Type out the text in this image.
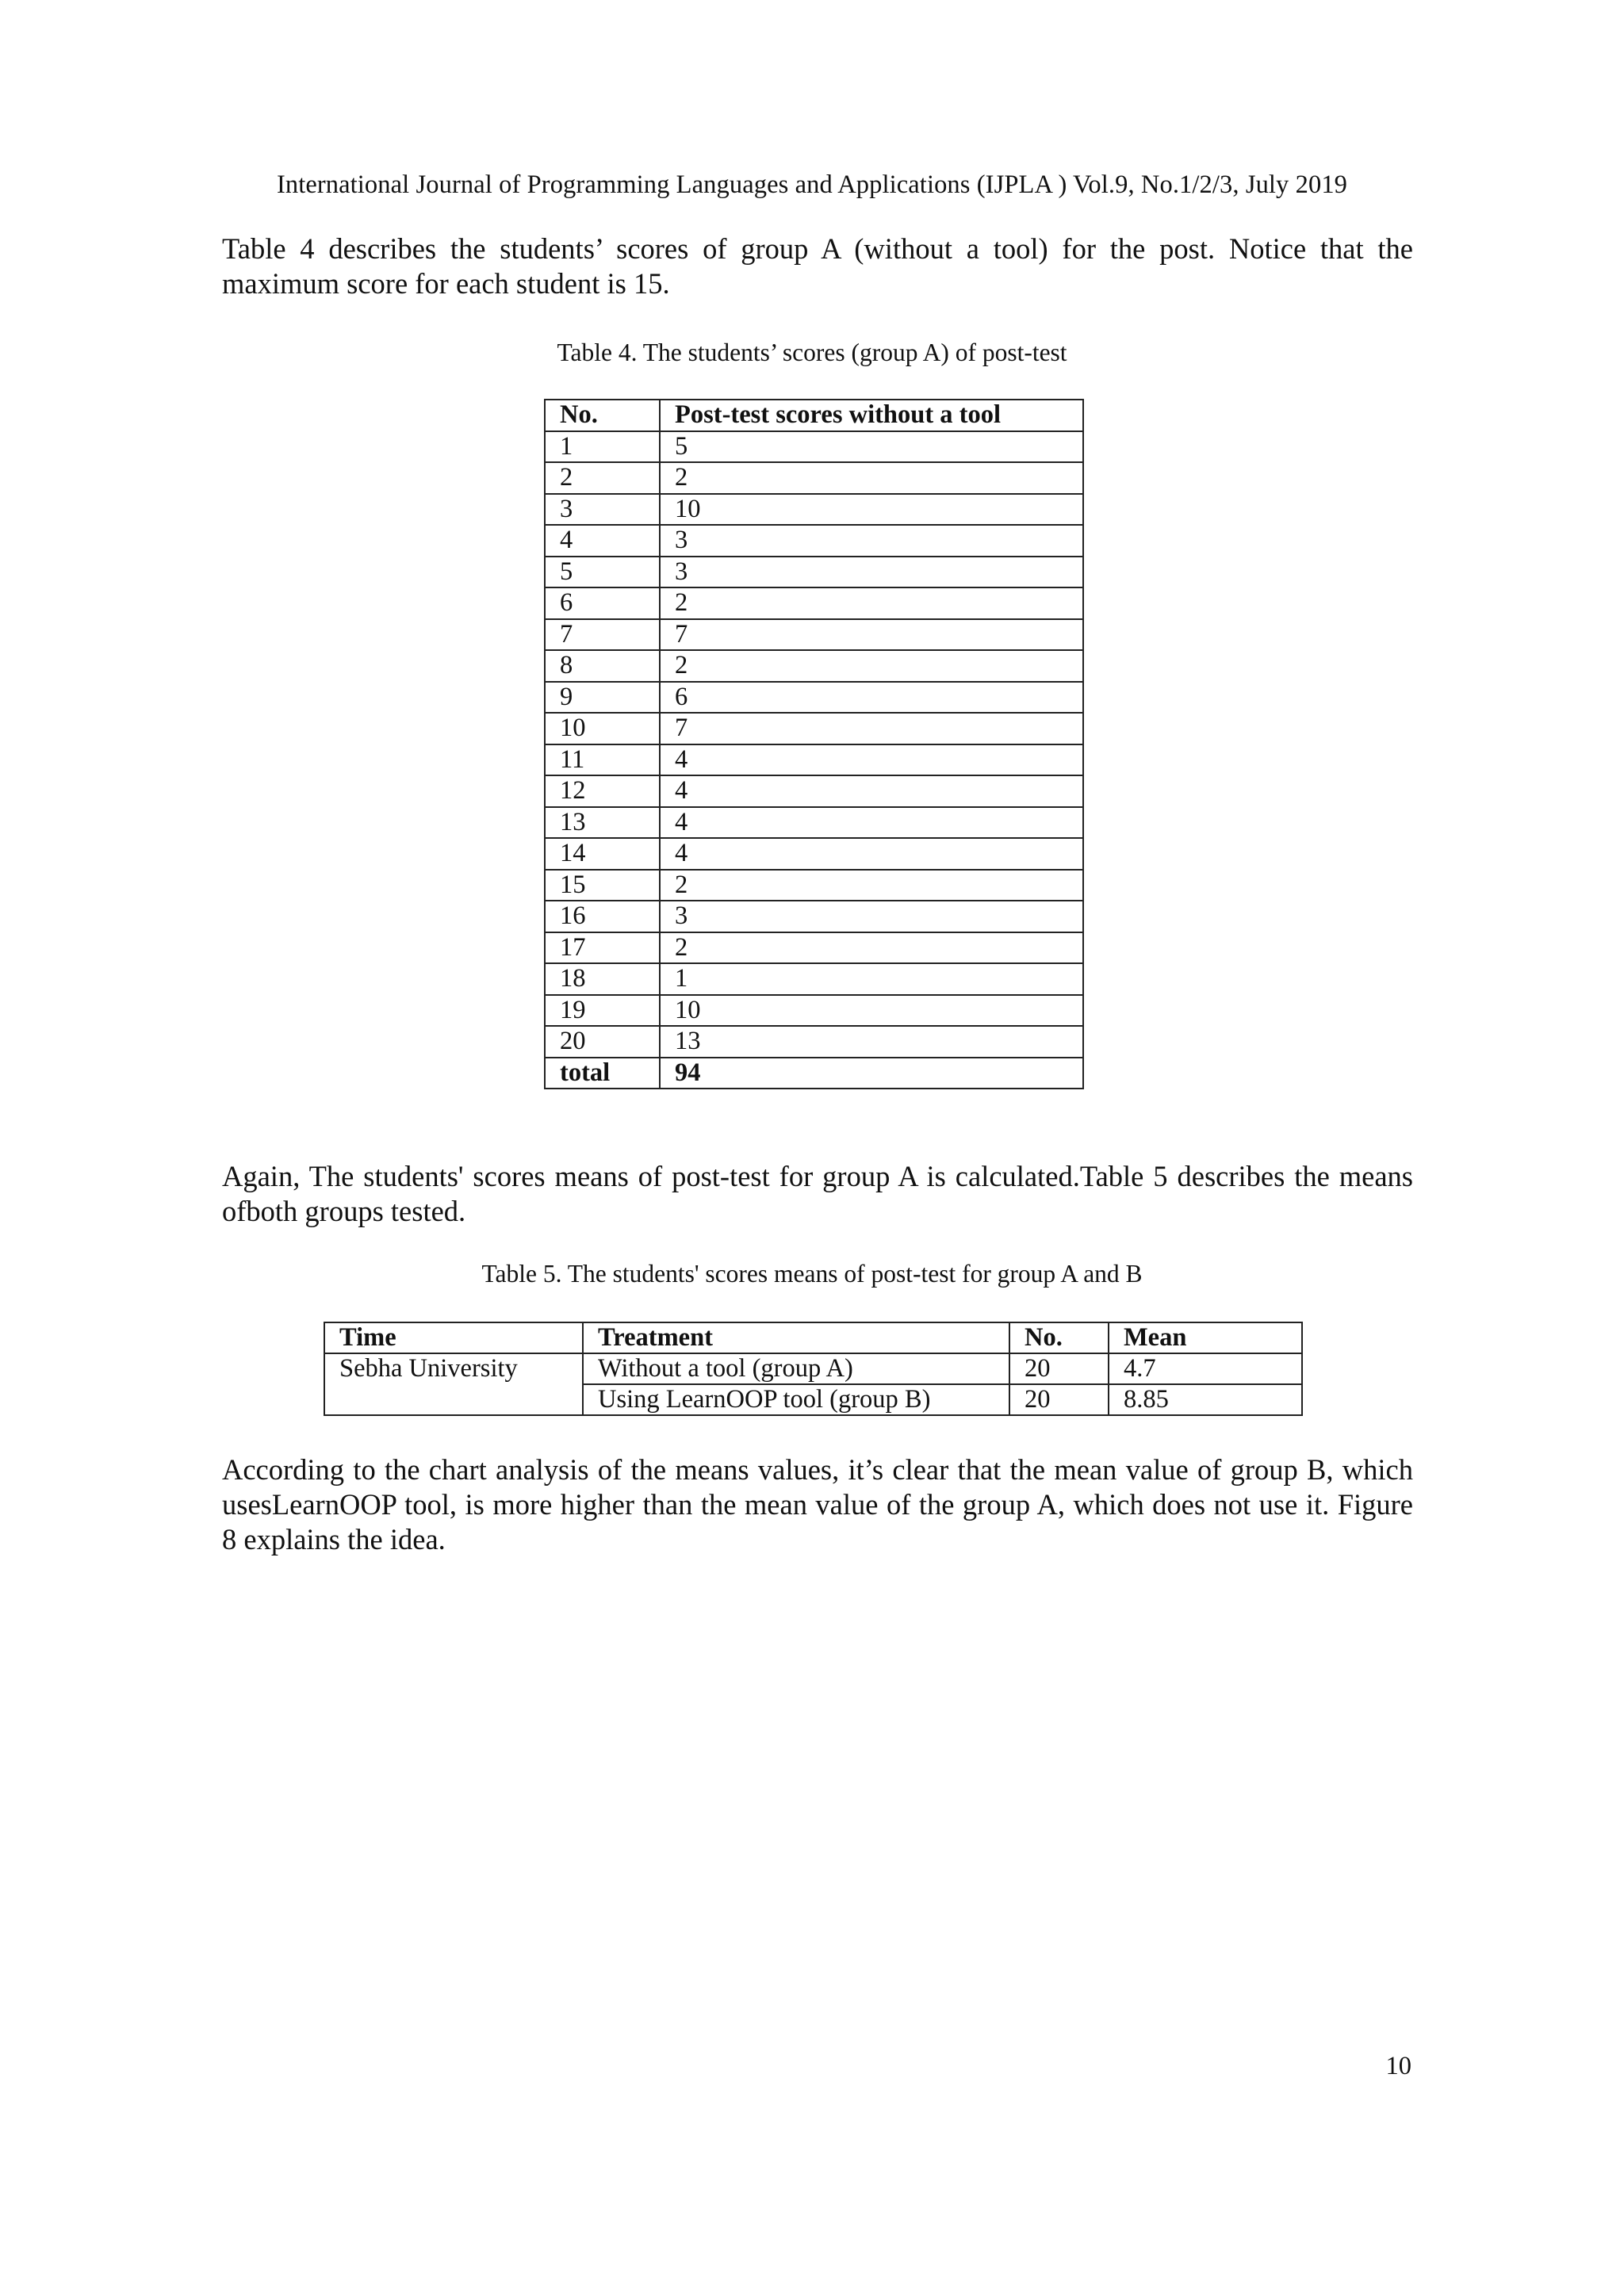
International Journal of Programming Languages and Applications (IJPLA ) Vol.9, No.1/2/3, July 2019
Table 4 describes the students’ scores of group A (without a tool) for the post. Notice that the maximum score for each student is 15.
Table 4. The students’ scores (group A) of post-test
No.	Post-test scores without a tool
1	5
2	2
3	10
4	3
5	3
6	2
7	7
8	2
9	6
10	7
11	4
12	4
13	4
14	4
15	2
16	3
17	2
18	1
19	10
20	13
total	94
Again, The students' scores means of post-test for group A is calculated.Table 5 describes the means ofboth groups tested.
Table 5. The students' scores means of post-test for group A and B
Time	Treatment	No.	Mean
Sebha University	Without a tool (group A)	20	4.7
	Using LearnOOP tool (group B)	20	8.85
According to the chart analysis of the means values, it’s clear that the mean value of group B, which usesLearnOOP tool, is more higher than the mean value of the group A, which does not use it. Figure 8 explains the idea.
10
